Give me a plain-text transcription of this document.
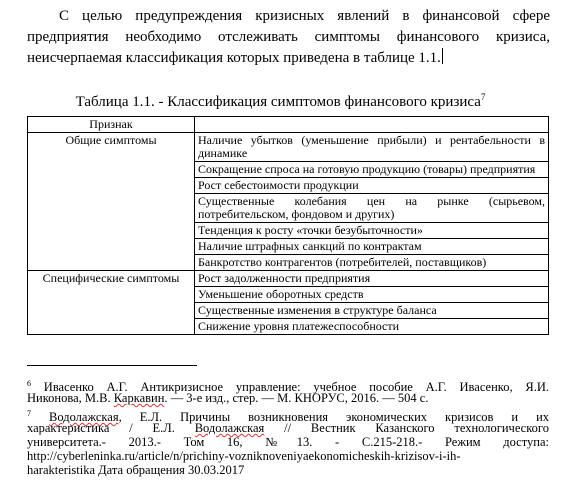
С целью предупреждения кризисных явлений в финансовой сфере
предприятия необходимо отслеживать симптомы финансового кризиса,
неисчерпаемая классификация которых приведена в таблице 1.1.
Таблица 1.1. - Классификация симптомов финансового кризиса$^7$
Признак	
Общие симптомы	Наличие убытков (уменьшение прибыли) и рентабельности в динамике
	Сокращение спроса на готовую продукцию (товары) предприятия
	Рост себестоимости продукции
	Существенные колебания цен на рынке (сырьевом, потребительском, фондовом и других)
	Тенденция к росту «точки безубыточности»
	Наличие штрафных санкций по контрактам
	Банкротство контрагентов (потребителей, поставщиков)
Специфические симптомы	Рост задолженности предприятия
	Уменьшение оборотных средств
	Существенные изменения в структуре баланса
	Снижение уровня платежеспособности
$^6$ Ивасенко А.Г. Антикризисное управление: учебное пособие А.Г. Ивасенко, Я.И.
Никонова, М.В. Каркавин. — 3-е изд., стер. — М. КНОРУС, 2016. — 504 с.
$^7$ Водолажская, Е.Л. Причины возникновения экономических кризисов и их
характеристика / Е.Л. Водолажская // Вестник Казанского технологического
университета.- 2013.- Том 16, №13. - С.215-218.- Режим доступа:
http://cyberleninka.ru/article/n/prichiny-vozniknoveniyaekonomicheskih-krizisov-i-ih-
harakteristika Дата обращения 30.03.2017
